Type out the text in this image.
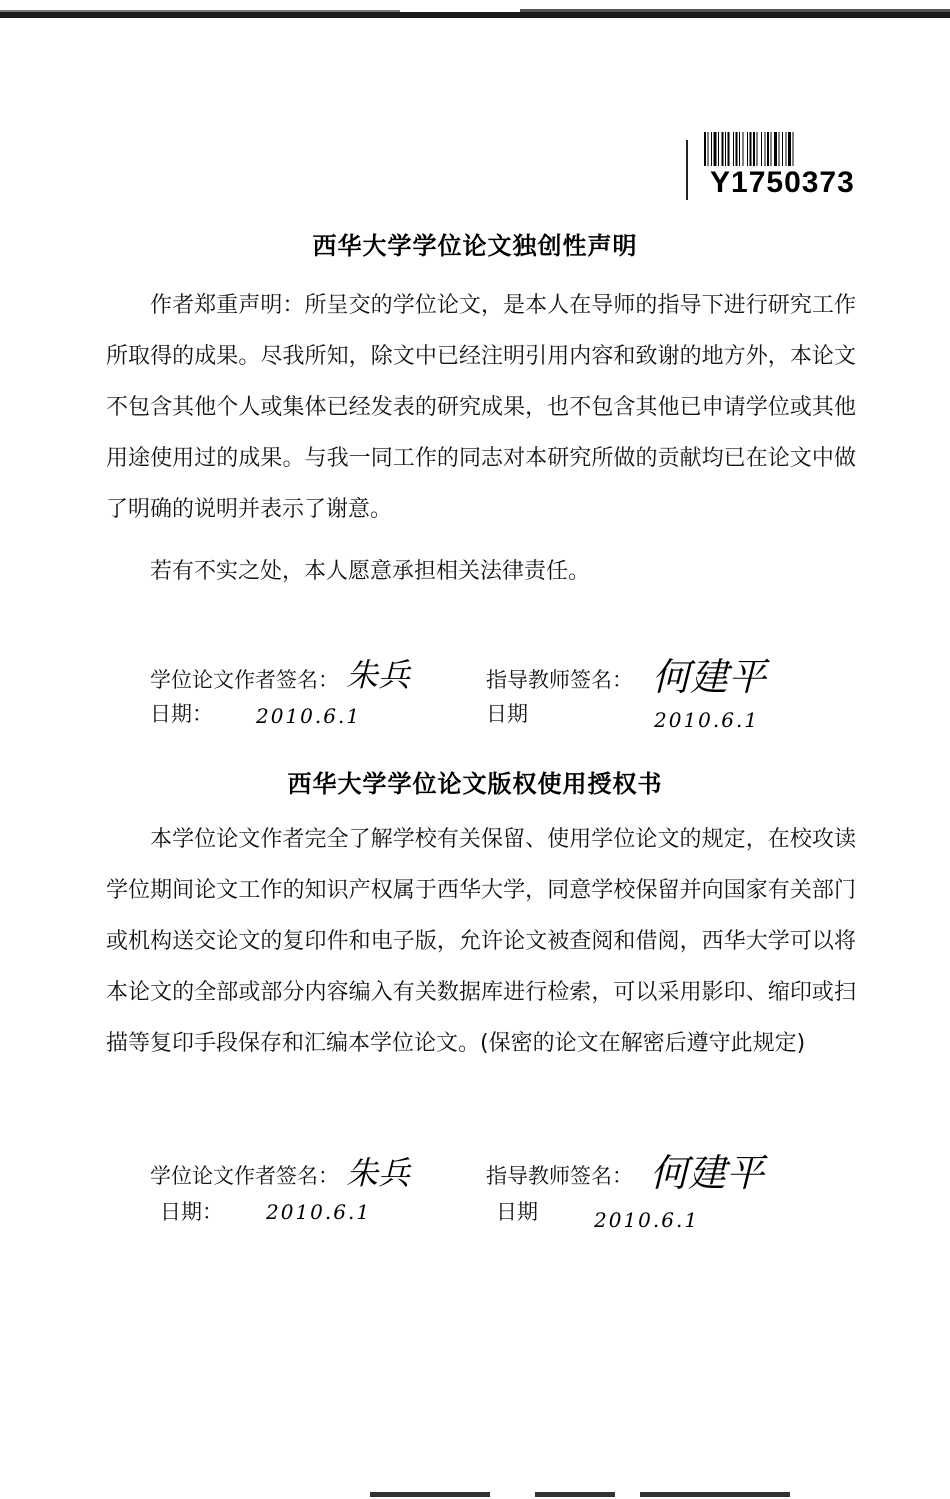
Y1750373
西华大学学位论文独创性声明

作者郑重声明：所呈交的学位论文，是本人在导师的指导下进行研究工作所取得的成果。尽我所知，除文中已经注明引用内容和致谢的地方外，本论文不包含其他个人或集体已经发表的研究成果，也不包含其他已申请学位或其他用途使用过的成果。与我一同工作的同志对本研究所做的贡献均已在论文中做了明确的说明并表示了谢意。

若有不实之处，本人愿意承担相关法律责任。

学位论文作者签名： 朱兵	指导教师签名： 何建平
日期： 2010.6.1	日期	2010.6.1
西华大学学位论文版权使用授权书

本学位论文作者完全了解学校有关保留、使用学位论文的规定，在校攻读学位期间论文工作的知识产权属于西华大学，同意学校保留并向国家有关部门或机构送交论文的复印件和电子版，允许论文被查阅和借阅，西华大学可以将本论文的全部或部分内容编入有关数据库进行检索，可以采用影印、缩印或扫描等复印手段保存和汇编本学位论文。(保密的论文在解密后遵守此规定)

学位论文作者签名： 朱兵	指导教师签名： 何建平
日期： 2010.6.1	日期	2010.6.1
